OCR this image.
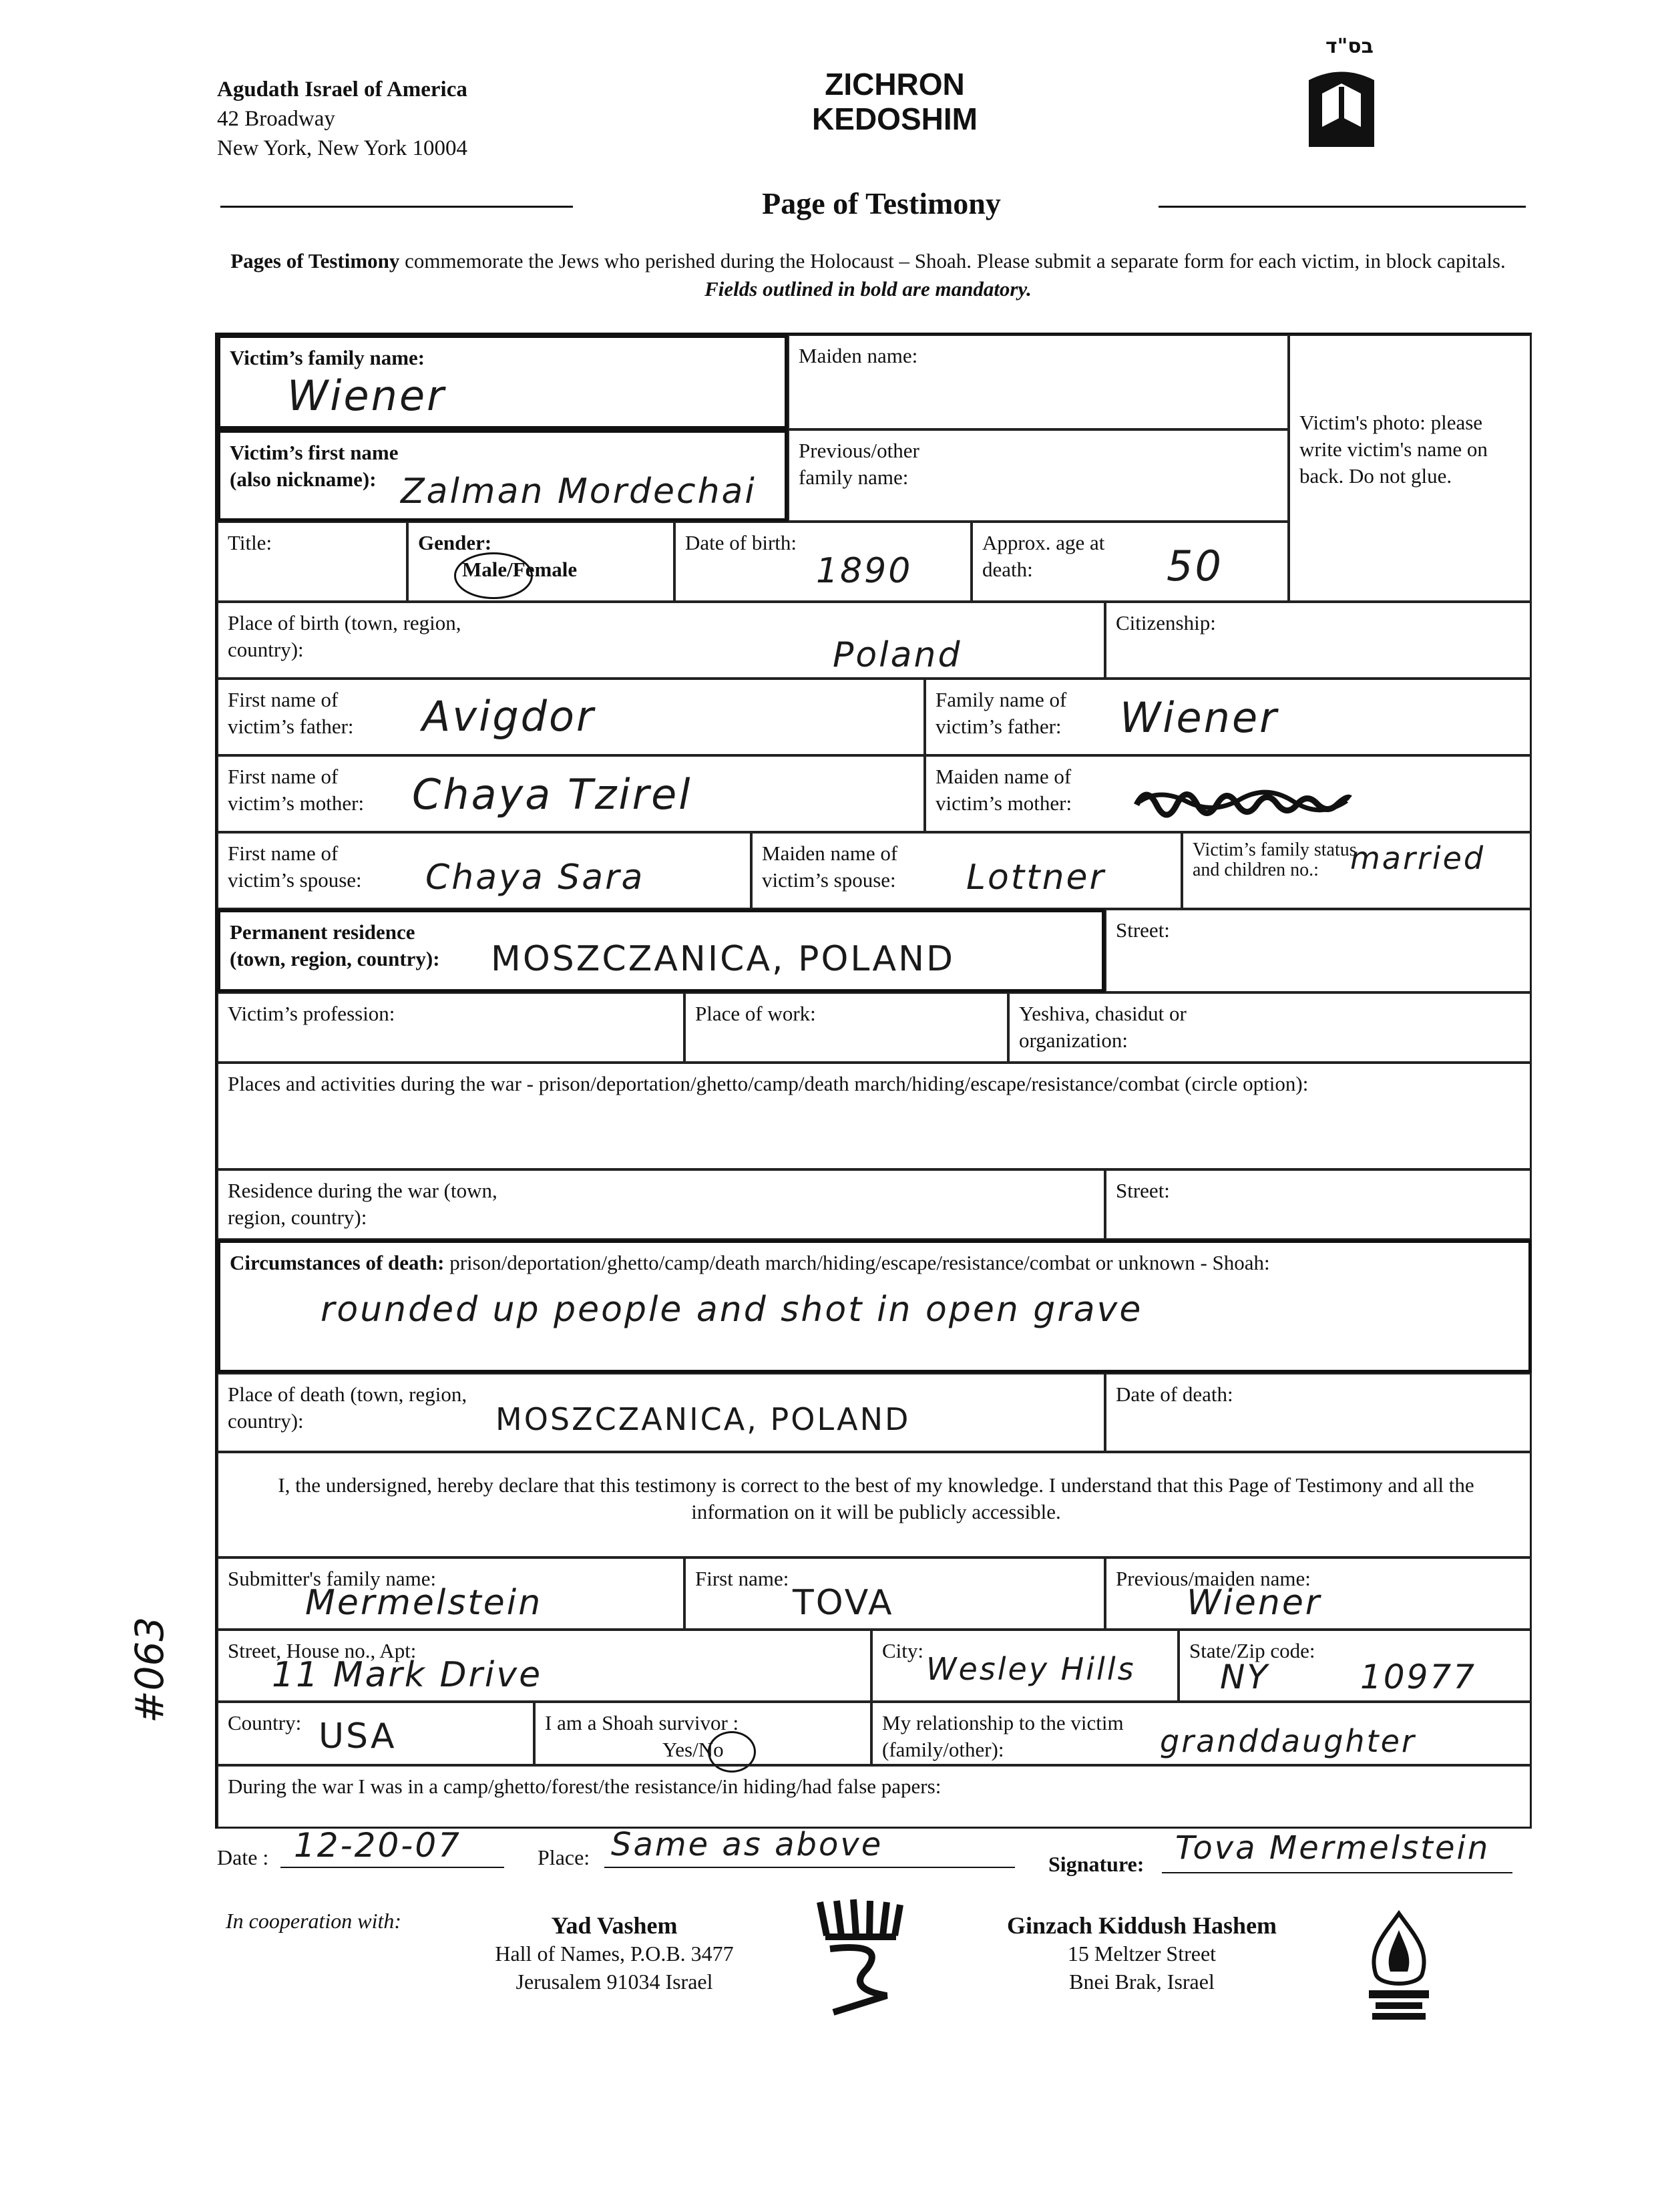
Agudath Israel of America
42 Broadway
New York, New York 10004
ZICHRON
KEDOSHIM
בס"ד
Page of Testimony
Pages of Testimony commemorate the Jews who perished during the Holocaust – Shoah. Please submit a separate form for each victim, in block capitals. Fields outlined in bold are mandatory.
Victim’s family name:
Wiener
Maiden name:
Victim's photo: please write victim's name on back. Do not glue.
Victim’s first name
(also nickname): Zalman Mordechai
Previous/other family name:
Title:	Gender:
Male/Female
Date of birth:
1890
Approx. age at death:	50
Place of birth (town, region, country):	Poland
Citizenship:
First name of victim’s father:	Avigdor	Family name of victim’s father:	Wiener
First name of victim’s mother:	Chaya Tzirel	Maiden name of victim’s mother:
First name of victim’s spouse:	Chaya Sara
Maiden name of victim’s spouse:	Lottner
Victim’s family status and children no.:	married
Permanent residence
(town, region, country): MOSZCZANICA, POLAND
Street:
Victim’s profession:	Place of work:	Yeshiva, chasidut or organization:
Places and activities during the war - prison/deportation/ghetto/camp/death march/hiding/escape/resistance/combat (circle option):
Residence during the war (town, region, country):
Street:
Circumstances of death: prison/deportation/ghetto/camp/death march/hiding/escape/resistance/combat or unknown - Shoah:
rounded up people and shot in open grave
Place of death (town, region, country):	MOSZCZANICA, POLAND
Date of death:
I, the undersigned, hereby declare that this testimony is correct to the best of my knowledge. I understand that this Page of Testimony and all the information on it will be publicly accessible.
Submitter's family name:
Mermelstein
First name:
TOVA
Previous/maiden name:
Wiener
Street, House no., Apt:
11 Mark Drive
City:
Wesley Hills
State/Zip code:
NY	10977
Country: USA	I am a Shoah survivor :
Yes/No
My relationship to the victim (family/other):	granddaughter
During the war I was in a camp/ghetto/forest/the resistance/in hiding/had false papers:
#063
Date : 12-20-07	Place: Same as above
Signature: Tova Mermelstein
In cooperation with:	Yad Vashem
Hall of Names, P.O.B. 3477
Jerusalem 91034 Israel
Ginzach Kiddush Hashem
15 Meltzer Street
Bnei Brak, Israel
